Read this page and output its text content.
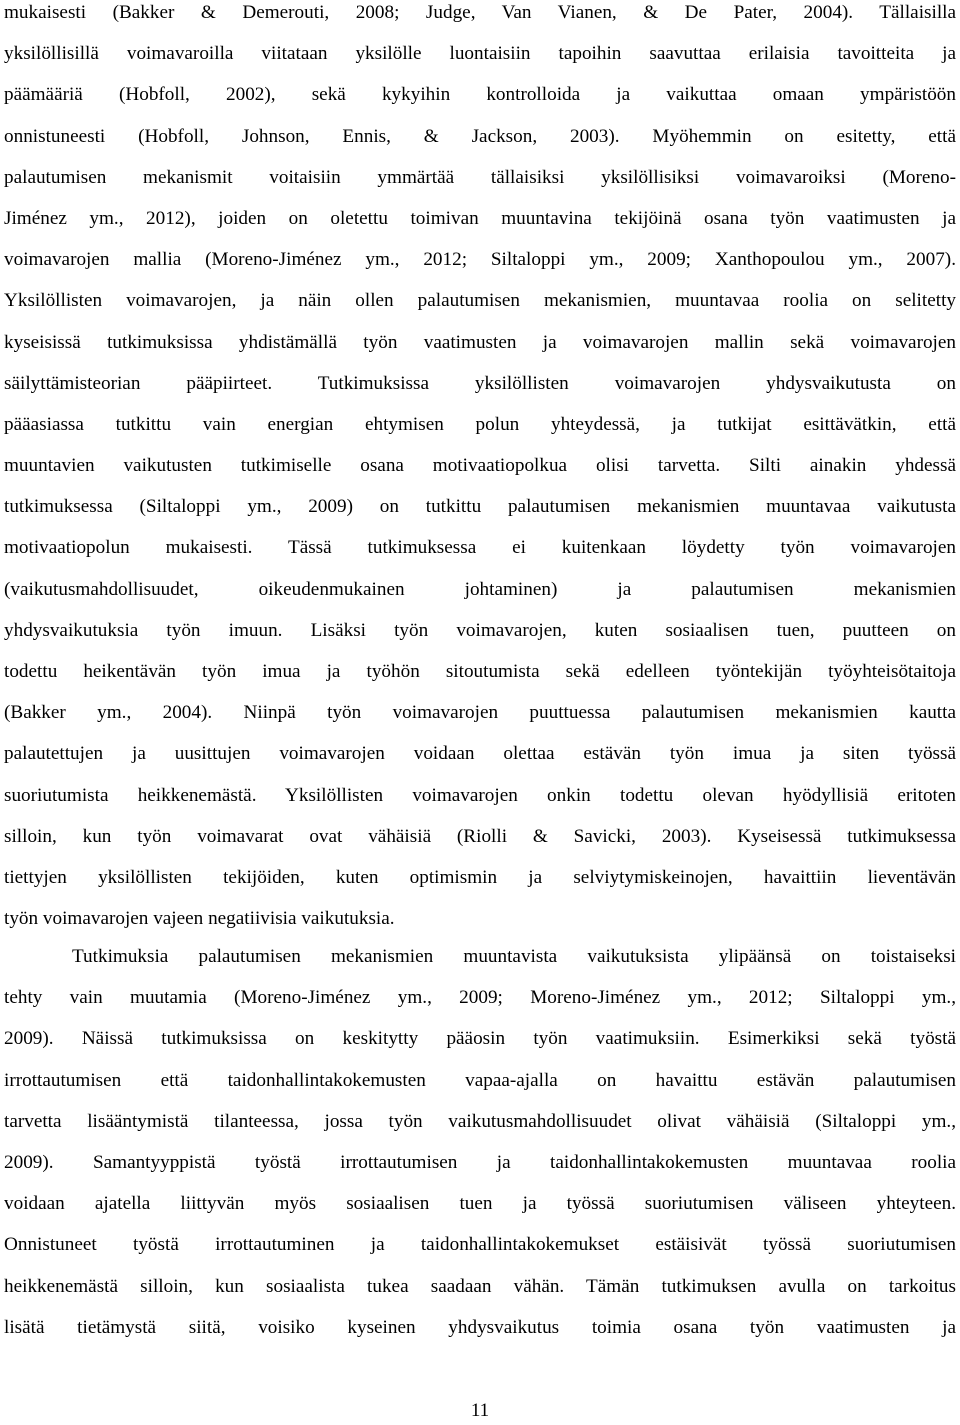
mukaisesti (Bakker & Demerouti, 2008; Judge, Van Vianen, & De Pater, 2004). Tällaisilla
yksilöllisillä voimavaroilla viitataan yksilölle luontaisiin tapoihin saavuttaa erilaisia tavoitteita ja
päämääriä (Hobfoll, 2002), sekä kykyihin kontrolloida ja vaikuttaa omaan ympäristöön
onnistuneesti (Hobfoll, Johnson, Ennis, & Jackson, 2003). Myöhemmin on esitetty, että
palautumisen mekanismit voitaisiin ymmärtää tällaisiksi yksilöllisiksi voimavaroiksi (Moreno-
Jiménez ym., 2012), joiden on oletettu toimivan muuntavina tekijöinä osana työn vaatimusten ja
voimavarojen mallia (Moreno-Jiménez ym., 2012; Siltaloppi ym., 2009; Xanthopoulou ym., 2007).
Yksilöllisten voimavarojen, ja näin ollen palautumisen mekanismien, muuntavaa roolia on selitetty
kyseisissä tutkimuksissa yhdistämällä työn vaatimusten ja voimavarojen mallin sekä voimavarojen
säilyttämisteorian pääpiirteet. Tutkimuksissa yksilöllisten voimavarojen yhdysvaikutusta on
pääasiassa tutkittu vain energian ehtymisen polun yhteydessä, ja tutkijat esittävätkin, että
muuntavien vaikutusten tutkimiselle osana motivaatiopolkua olisi tarvetta. Silti ainakin yhdessä
tutkimuksessa (Siltaloppi ym., 2009) on tutkittu palautumisen mekanismien muuntavaa vaikutusta
motivaatiopolun mukaisesti. Tässä tutkimuksessa ei kuitenkaan löydetty työn voimavarojen
(vaikutusmahdollisuudet, oikeudenmukainen johtaminen) ja palautumisen mekanismien
yhdysvaikutuksia työn imuun. Lisäksi työn voimavarojen, kuten sosiaalisen tuen, puutteen on
todettu heikentävän työn imua ja työhön sitoutumista sekä edelleen työntekijän työyhteisötaitoja
(Bakker ym., 2004). Niinpä työn voimavarojen puuttuessa palautumisen mekanismien kautta
palautettujen ja uusittujen voimavarojen voidaan olettaa estävän työn imua ja siten työssä
suoriutumista heikkenemästä. Yksilöllisten voimavarojen onkin todettu olevan hyödyllisiä eritoten
silloin, kun työn voimavarat ovat vähäisiä (Riolli & Savicki, 2003). Kyseisessä tutkimuksessa
tiettyjen yksilöllisten tekijöiden, kuten optimismin ja selviytymiskeinojen, havaittiin lieventävän
työn voimavarojen vajeen negatiivisia vaikutuksia.
Tutkimuksia palautumisen mekanismien muuntavista vaikutuksista ylipäänsä on toistaiseksi
tehty vain muutamia (Moreno-Jiménez ym., 2009; Moreno-Jiménez ym., 2012; Siltaloppi ym.,
2009). Näissä tutkimuksissa on keskitytty pääosin työn vaatimuksiin. Esimerkiksi sekä työstä
irrottautumisen että taidonhallintakokemusten vapaa-ajalla on havaittu estävän palautumisen
tarvetta lisääntymistä tilanteessa, jossa työn vaikutusmahdollisuudet olivat vähäisiä (Siltaloppi ym.,
2009). Samantyyppistä työstä irrottautumisen ja taidonhallintakokemusten muuntavaa roolia
voidaan ajatella liittyvän myös sosiaalisen tuen ja työssä suoriutumisen väliseen yhteyteen.
Onnistuneet työstä irrottautuminen ja taidonhallintakokemukset estäisivät työssä suoriutumisen
heikkenemästä silloin, kun sosiaalista tukea saadaan vähän. Tämän tutkimuksen avulla on tarkoitus
lisätä tietämystä siitä, voisiko kyseinen yhdysvaikutus toimia osana työn vaatimusten ja
11
